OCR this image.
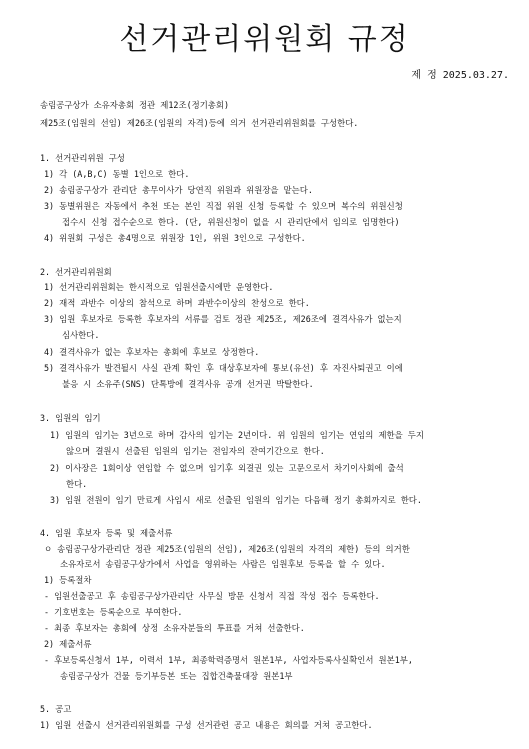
선거관리위원회 규정
제 정 2025.03.27.
송림공구상가 소유자총회 정관 제12조(정기총회)
제25조(임원의 선임) 제26조(임원의 자격)등에 의거 선거관리위원회를 구성한다.
1. 선거관리위원 구성
1) 각 (A,B,C) 동별 1인으로 한다.
2) 송림공구상가 관리단 총무이사가 당연직 위원과 위원장을 맡는다.
3) 동별위원은 자동에서 추천 또는 본인 직접 위원 신청 등록할 수 있으며 복수의 위원신청
접수시 신청 접수순으로 한다. (단, 위원신청이 없을 시 관리단에서 임의로 임명한다)
4) 위원회 구성은 총4명으로 위원장 1인, 위원 3인으로 구성한다.
2. 선거관리위원회
1) 선거관리위원회는 한시적으로 임원선출시에만 운영한다.
2) 재적 과반수 이상의 참석으로 하며 과반수이상의 찬성으로 한다.
3) 임원 후보자로 등록한 후보자의 서류를 검토 정관 제25조, 제26조에 결격사유가 없는지
심사한다.
4) 결격사유가 없는 후보자는 총회에 후보로 상정한다.
5) 결격사유가 발견될시 사실 관계 확인 후 대상후보자에 통보(유선) 후 자진사퇴권고 이에
불응 시 소유주(SNS) 단톡방에 결격사유 공개 선거권 박탈한다.
3. 임원의 임기
1) 임원의 임기는 3년으로 하며 감사의 임기는 2년이다. 위 임원의 임기는 연임의 제한을 두지
않으며 결원시 선출된 임원의 임기는 전임자의 잔여기간으로 한다.
2) 이사장은 1회이상 연임할 수 없으며 임기후 외결권 있는 고문으로서 차기이사회에 출석
한다.
3) 임원 전원이 임기 만료게 사임시 새로 선출된 임원의 임기는 다음해 정기 총회까지로 한다.
4. 임원 후보자 등록 및 제출서류
ㅇ 송림공구상가관리단 정관 제25조(임원의 선임), 제26조(임원의 자격의 제한) 등의 의거한
소유자로서 송림공구상가에서 사업을 영위하는 사람은 임원후보 등록을 할 수 있다.
1) 등록절차
- 임원선출공고 후 송림공구상가관리단 사무실 방문 신청서 직접 작성 접수 등록한다.
- 기호번호는 등록순으로 부여한다.
- 최종 후보자는 총회에 상정 소유자분들의 투표를 거쳐 선출한다.
2) 제출서류
- 후보등록신청서 1부, 이력서 1부, 최종학력증명서 원본1부, 사업자등록사실확인서 원본1부,
송림공구상가 건물 등기부등본 또는 집합건축물대장 원본1부
5. 공고
1) 임원 선출시 선거관리위원회를 구성 선거관련 공고 내용은 회의를 거쳐 공고한다.
